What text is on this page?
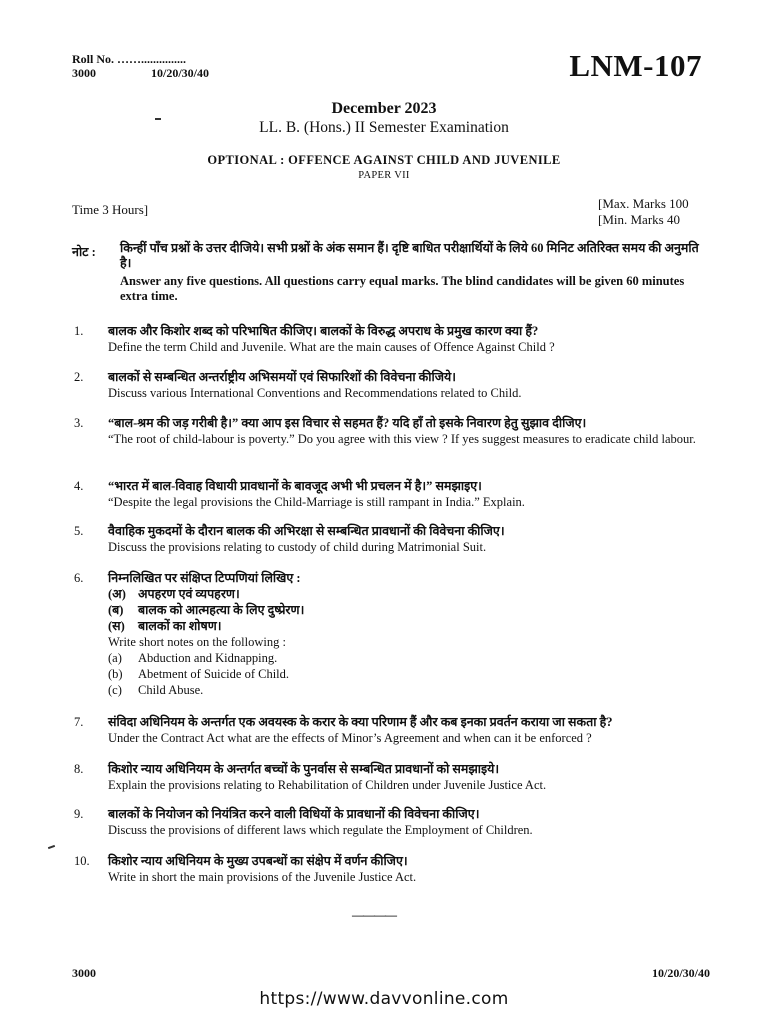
Roll No. ……...............
3000	10/20/30/40	LNM-107
December 2023
LL. B. (Hons.) II Semester Examination
OPTIONAL : OFFENCE AGAINST CHILD AND JUVENILE
PAPER VII
Time 3 Hours]	[Max. Marks 100
[Min. Marks 40
नोट : किन्हीं पाँच प्रश्नों के उत्तर दीजिये। सभी प्रश्नों के अंक समान हैं। दृष्टि बाधित परीक्षार्थियों के लिये 60 मिनिट अतिरिक्त समय की अनुमति है।
Answer any five questions. All questions carry equal marks. The blind candidates will be given 60 minutes extra time.
1.	बालक और किशोर शब्द को परिभाषित कीजिए। बालकों के विरुद्ध अपराध के प्रमुख कारण क्या हैं?
Define the term Child and Juvenile. What are the main causes of Offence Against Child ?
2.	बालकों से सम्बन्धित अन्तर्राष्ट्रीय अभिसमयों एवं सिफारिशों की विवेचना कीजिये।
Discuss various International Conventions and Recommendations related to Child.
3.	“बाल-श्रम की जड़ गरीबी है।” क्या आप इस विचार से सहमत हैं? यदि हाँ तो इसके निवारण हेतु सुझाव दीजिए।
“The root of child-labour is poverty.” Do you agree with this view ? If yes suggest measures to eradicate child labour.
4.	“भारत में बाल-विवाह विधायी प्रावधानों के बावजूद अभी भी प्रचलन में है।” समझाइए।
“Despite the legal provisions the Child-Marriage is still rampant in India.” Explain.
5.	वैवाहिक मुकदमों के दौरान बालक की अभिरक्षा से सम्बन्धित प्रावधानों की विवेचना कीजिए।
Discuss the provisions relating to custody of child during Matrimonial Suit.
6.	निम्नलिखित पर संक्षिप्त टिप्पणियां लिखिए :
(अ) अपहरण एवं व्यपहरण।
(ब)	बालक को आत्महत्या के लिए दुष्प्रेरण।
(स)	बालकों का शोषण।
Write short notes on the following :
(a)	Abduction and Kidnapping.
(b)	Abetment of Suicide of Child.
(c)	Child Abuse.
7.	संविदा अधिनियम के अन्तर्गत एक अवयस्क के करार के क्या परिणाम हैं और कब इनका प्रवर्तन कराया जा सकता है?
Under the Contract Act what are the effects of Minor’s Agreement and when can it be enforced ?
8.	किशोर न्याय अधिनियम के अन्तर्गत बच्चों के पुनर्वास से सम्बन्धित प्रावधानों को समझाइये।
Explain the provisions relating to Rehabilitation of Children under Juvenile Justice Act.
9.	बालकों के नियोजन को नियंत्रित करने वाली विधियों के प्रावधानों की विवेचना कीजिए।
Discuss the provisions of different laws which regulate the Employment of Children.
10.	किशोर न्याय अधिनियम के मुख्य उपबन्धों का संक्षेप में वर्णन कीजिए।
Write in short the main provisions of the Juvenile Justice Act.
————
3000	10/20/30/40
https://www.davvonline.com
